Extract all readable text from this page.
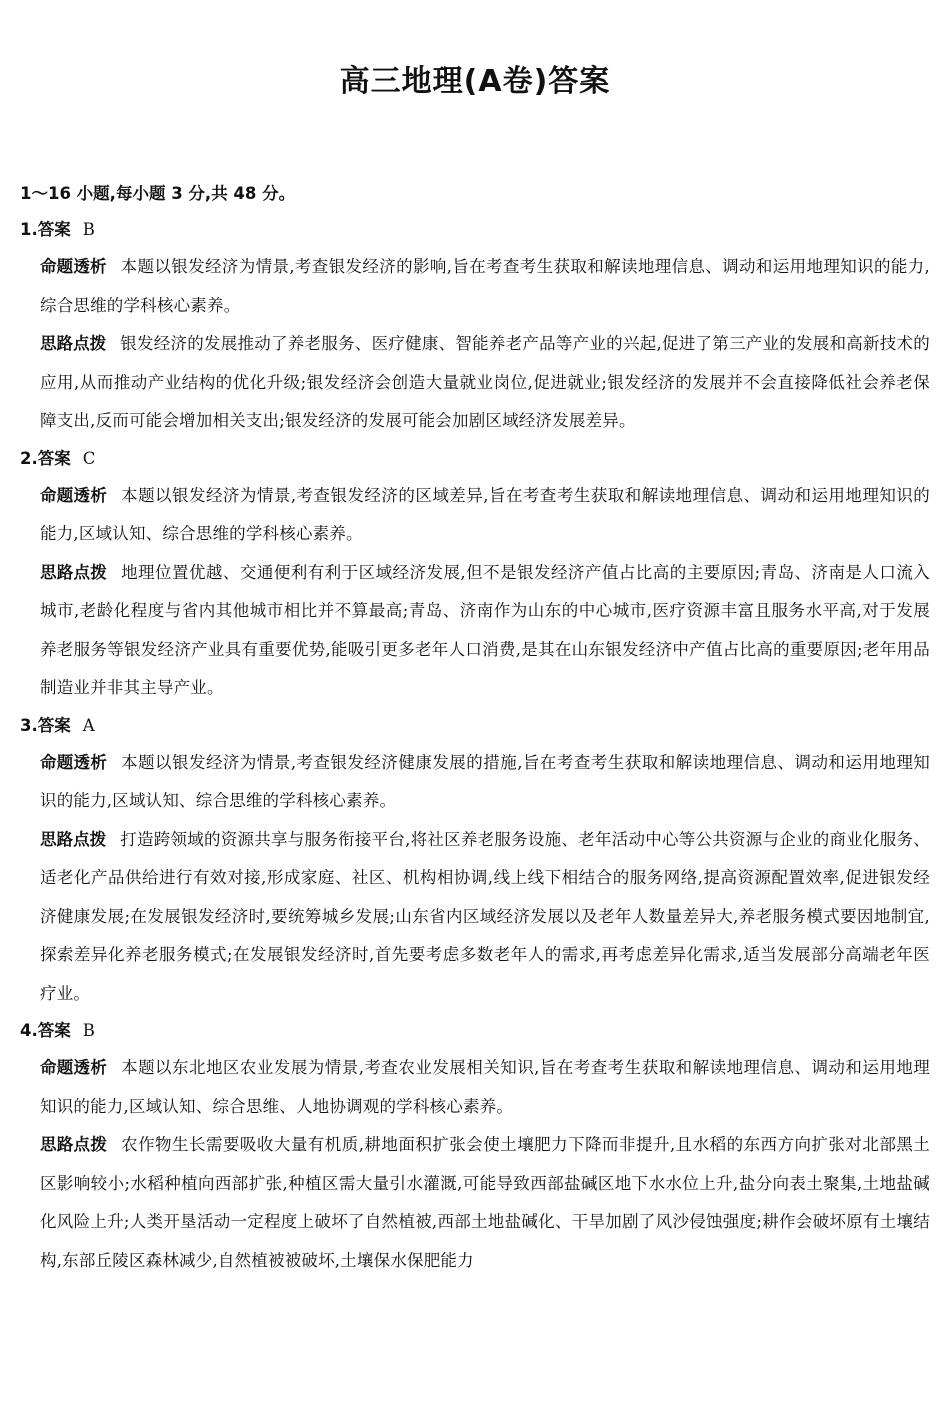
高三地理(A卷)答案
1～16 小题,每小题 3 分,共 48 分。
1.答案 B
命题透析 本题以银发经济为情景,考查银发经济的影响,旨在考查考生获取和解读地理信息、调动和运用地理知识的能力,综合思维的学科核心素养。
思路点拨 银发经济的发展推动了养老服务、医疗健康、智能养老产品等产业的兴起,促进了第三产业的发展和高新技术的应用,从而推动产业结构的优化升级;银发经济会创造大量就业岗位,促进就业;银发经济的发展并不会直接降低社会养老保障支出,反而可能会增加相关支出;银发经济的发展可能会加剧区域经济发展差异。
2.答案 C
命题透析 本题以银发经济为情景,考查银发经济的区域差异,旨在考查考生获取和解读地理信息、调动和运用地理知识的能力,区域认知、综合思维的学科核心素养。
思路点拨 地理位置优越、交通便利有利于区域经济发展,但不是银发经济产值占比高的主要原因;青岛、济南是人口流入城市,老龄化程度与省内其他城市相比并不算最高;青岛、济南作为山东的中心城市,医疗资源丰富且服务水平高,对于发展养老服务等银发经济产业具有重要优势,能吸引更多老年人口消费,是其在山东银发经济中产值占比高的重要原因;老年用品制造业并非其主导产业。
3.答案 A
命题透析 本题以银发经济为情景,考查银发经济健康发展的措施,旨在考查考生获取和解读地理信息、调动和运用地理知识的能力,区域认知、综合思维的学科核心素养。
思路点拨 打造跨领域的资源共享与服务衔接平台,将社区养老服务设施、老年活动中心等公共资源与企业的商业化服务、适老化产品供给进行有效对接,形成家庭、社区、机构相协调,线上线下相结合的服务网络,提高资源配置效率,促进银发经济健康发展;在发展银发经济时,要统筹城乡发展;山东省内区域经济发展以及老年人数量差异大,养老服务模式要因地制宜,探索差异化养老服务模式;在发展银发经济时,首先要考虑多数老年人的需求,再考虑差异化需求,适当发展部分高端老年医疗业。
4.答案 B
命题透析 本题以东北地区农业发展为情景,考查农业发展相关知识,旨在考查考生获取和解读地理信息、调动和运用地理知识的能力,区域认知、综合思维、人地协调观的学科核心素养。
思路点拨 农作物生长需要吸收大量有机质,耕地面积扩张会使土壤肥力下降而非提升,且水稻的东西方向扩张对北部黑土区影响较小;水稻种植向西部扩张,种植区需大量引水灌溉,可能导致西部盐碱区地下水水位上升,盐分向表土聚集,土地盐碱化风险上升;人类开垦活动一定程度上破坏了自然植被,西部土地盐碱化、干旱加剧了风沙侵蚀强度;耕作会破坏原有土壤结构,东部丘陵区森林减少,自然植被被破坏,土壤保水保肥能力
